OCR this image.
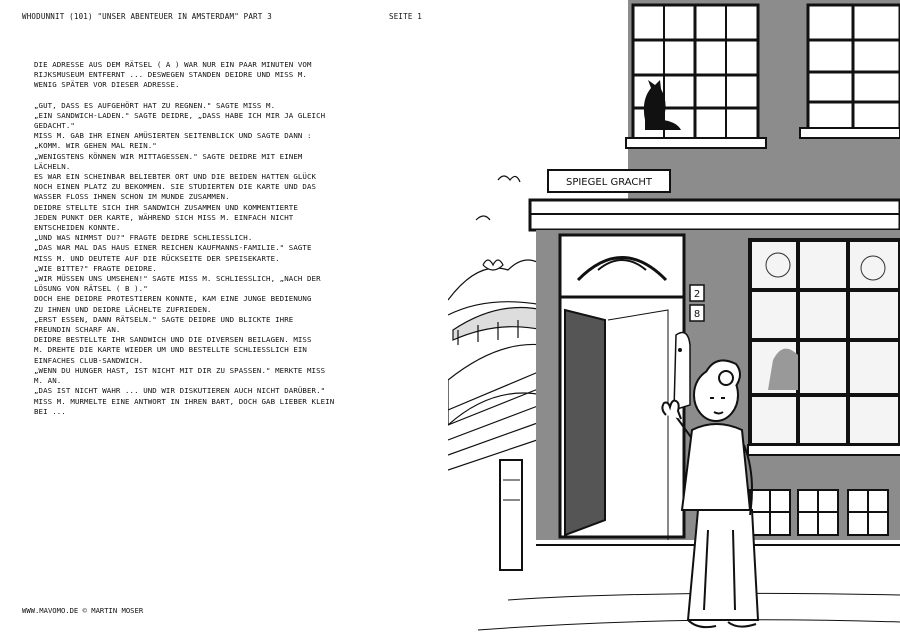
WHODUNNIT (101) "UNSER ABENTEUER IN AMSTERDAM" PART 3	SEITE 1

DIE ADRESSE AUS DEM RÄTSEL ( A ) WAR NUR EIN PAAR MINUTEN VOM

RIJKSMUSEUM ENTFERNT ... DESWEGEN STANDEN DEIDRE UND MISS M.

WENIG SPÄTER VOR DIESER ADRESSE.

„GUT, DASS ES AUFGEHÖRT HAT ZU REGNEN." SAGTE MISS M.

„EIN SANDWICH-LADEN." SAGTE DEIDRE, „DASS HABE ICH MIR JA GLEICH

GEDACHT."

MISS M. GAB IHR EINEN AMÜSIERTEN SEITENBLICK UND SAGTE DANN :

„KOMM. WIR GEHEN MAL REIN."

„WENIGSTENS KÖNNEN WIR MITTAGESSEN." SAGTE DEIDRE MIT EINEM

LÄCHELN.

ES WAR EIN SCHEINBAR BELIEBTER ORT UND DIE BEIDEN HATTEN GLÜCK

NOCH EINEN PLATZ ZU BEKOMMEN. SIE STUDIERTEN DIE KARTE UND DAS

WASSER FLOSS IHNEN SCHON IM MUNDE ZUSAMMEN.

DEIDRE STELLTE SICH IHR SANDWICH ZUSAMMEN UND KOMMENTIERTE

JEDEN PUNKT DER KARTE, WÄHREND SICH MISS M. EINFACH NICHT

ENTSCHEIDEN KONNTE.

„UND WAS NIMMST DU?" FRAGTE DEIDRE SCHLIESSLICH.

„DAS WAR MAL DAS HAUS EINER REICHEN KAUFMANNS-FAMILIE." SAGTE

MISS M. UND DEUTETE AUF DIE RÜCKSEITE DER SPEISEKARTE.

„WIE BITTE?" FRAGTE DEIDRE.

„WIR MÜSSEN UNS UMSEHEN!" SAGTE MISS M. SCHLIESSLICH, „NACH DER

LÖSUNG VON RÄTSEL ( B )."

DOCH EHE DEIDRE PROTESTIEREN KONNTE, KAM EINE JUNGE BEDIENUNG

ZU IHNEN UND DEIDRE LÄCHELTE ZUFRIEDEN.

„ERST ESSEN, DANN RÄTSELN." SAGTE DEIDRE UND BLICKTE IHRE

FREUNDIN SCHARF AN.

DEIDRE BESTELLTE IHR SANDWICH UND DIE DIVERSEN BEILAGEN. MISS

M. DREHTE DIE KARTE WIEDER UM UND BESTELLTE SCHLIESSLICH EIN

EINFACHES CLUB-SANDWICH.

„WENN DU HUNGER HAST, IST NICHT MIT DIR ZU SPASSEN." MERKTE MISS

M. AN.

„DAS IST NICHT WAHR ... UND WIR DISKUTIEREN AUCH NICHT DARÜBER."

MISS M. MURMELTE EINE ANTWORT IN IHREN BART, DOCH GAB LIEBER KLEIN

BEI ...

WWW.MAVOMO.DE © MARTIN MOSER
SPIEGEL GRACHT
2
8
